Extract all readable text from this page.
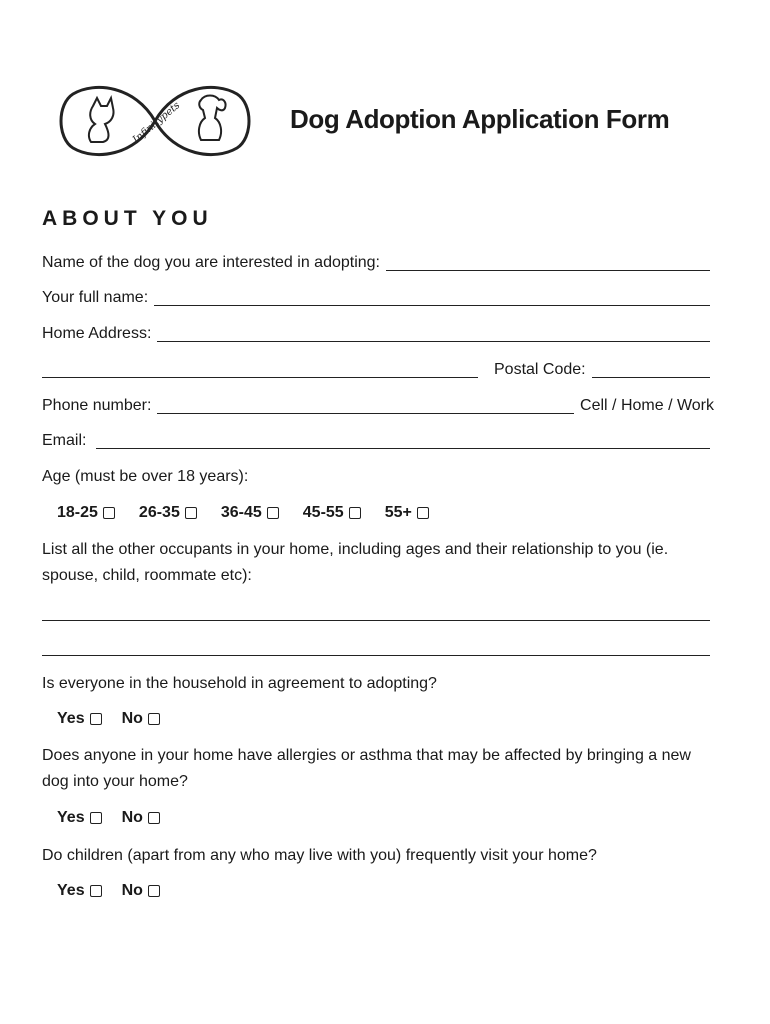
Infinitypets	Dog Adoption Application Form
ABOUT YOU
Name of the dog you are interested in adopting:
Your full name:
Home Address:
Postal Code:
Phone number:	Cell / Home / Work
Email:
Age (must be over 18 years):
18-25	26-35	36-45	45-55	55+
List all the other occupants in your home, including ages and their relationship to you (ie. spouse, child, roommate etc):
Is everyone in the household in agreement to adopting?
Yes No
Does anyone in your home have allergies or asthma that may be affected by bringing a new dog into your home?
Yes No
Do children (apart from any who may live with you) frequently visit your home?
Yes No
